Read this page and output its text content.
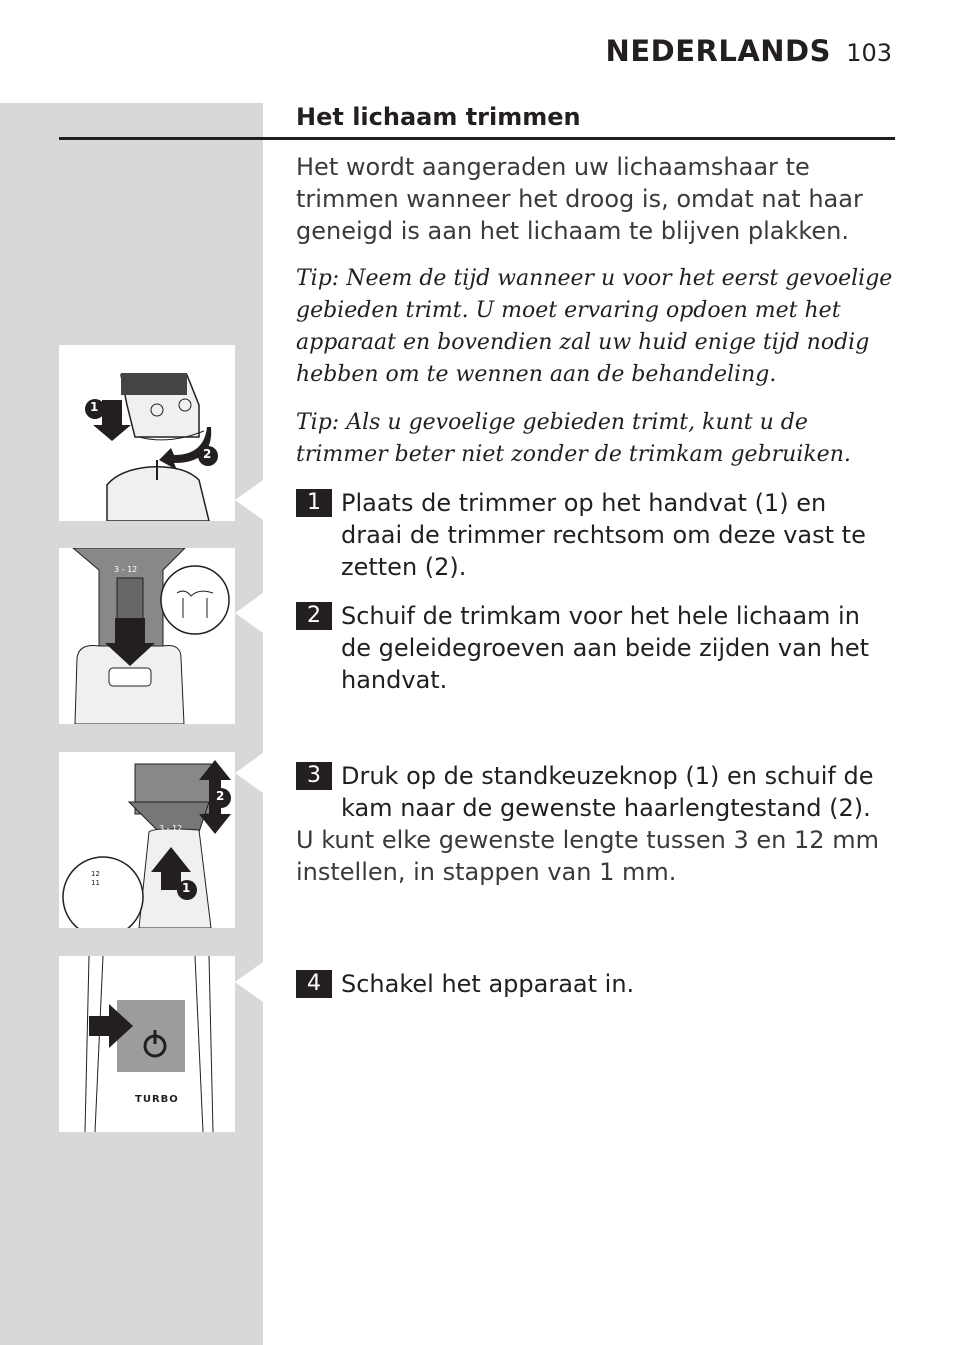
NEDERLANDS 103
Het lichaam trimmen
Het wordt aangeraden uw lichaamshaar te trimmen wanneer het droog is, omdat nat haar geneigd is aan het lichaam te blijven plakken.
Tip: Neem de tijd wanneer u voor het eerst gevoelige gebieden trimt. U moet ervaring opdoen met het apparaat en bovendien zal uw huid enige tijd nodig hebben om te wennen aan de behandeling.
Tip: Als u gevoelige gebieden trimt, kunt u de trimmer beter niet zonder de trimkam gebruiken.
1 Plaats de trimmer op het handvat (1) en draai de trimmer rechtsom om deze vast te zetten (2).
2 Schuif de trimkam voor het hele lichaam in de geleidegroeven aan beide zijden van het handvat.
3 Druk op de standkeuzeknop (1) en schuif de kam naar de gewenste haarlengtestand (2).
U kunt elke gewenste lengte tussen 3 en 12 mm instellen, in stappen van 1 mm.
4 Schakel het apparaat in.
1
2
3 - 12
2
1
3 - 12
12
11
TURBO
